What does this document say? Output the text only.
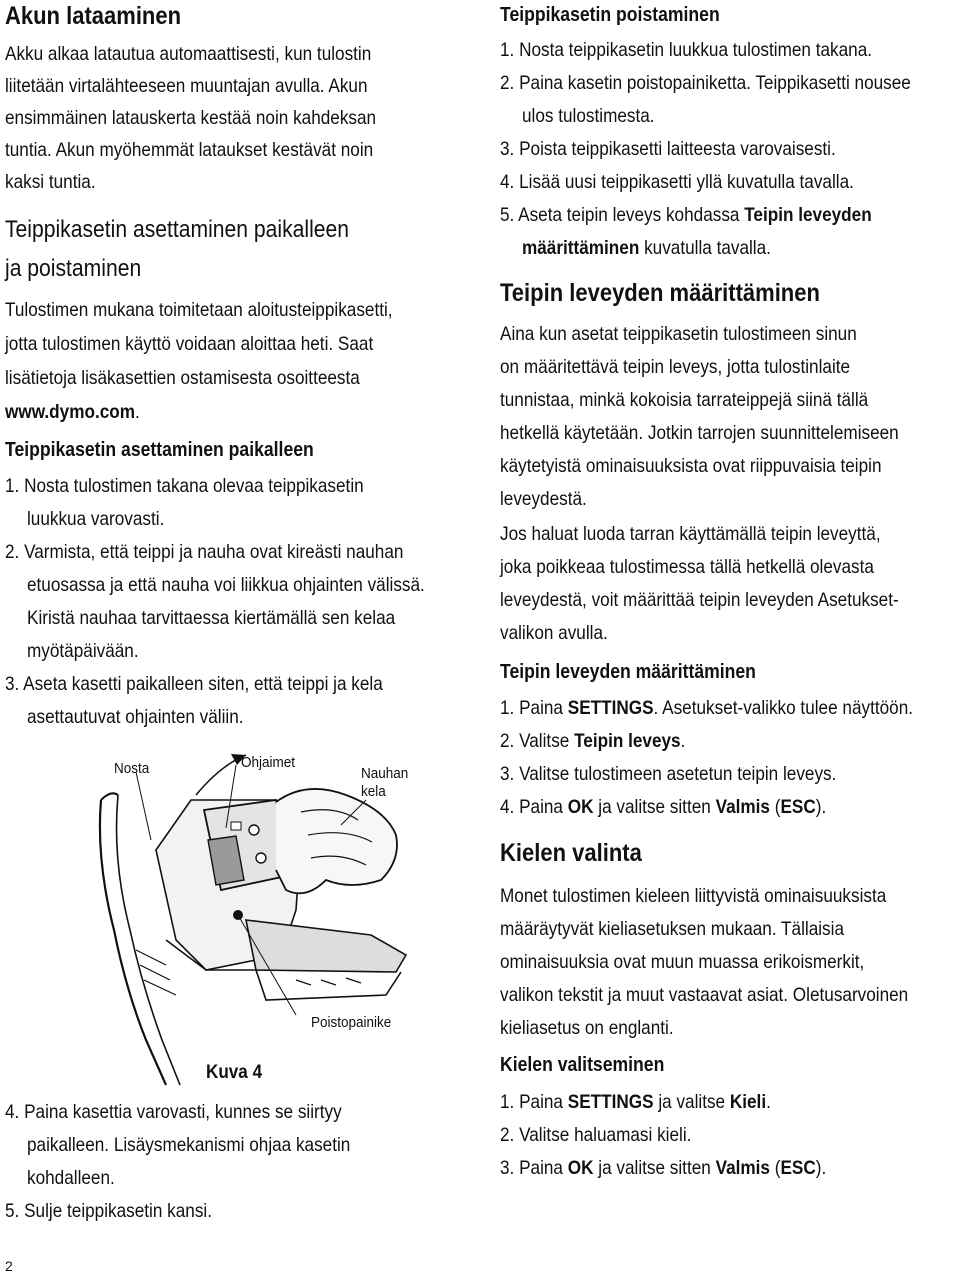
Akun lataaminen
Akku alkaa latautua automaattisesti, kun tulostin
liitetään virtalähteeseen muuntajan avulla. Akun
ensimmäinen latauskerta kestää noin kahdeksan
tuntia. Akun myöhemmät lataukset kestävät noin
kaksi tuntia.
Teippikasetin asettaminen paikalleen
ja poistaminen
Tulostimen mukana toimitetaan aloitusteippikasetti,
jotta tulostimen käyttö voidaan aloittaa heti. Saat
lisätietoja lisäkasettien ostamisesta osoitteesta
www.dymo.com.
Teippikasetin asettaminen paikalleen
1. Nosta tulostimen takana olevaa teippikasetin
luukkua varovasti.
2. Varmista, että teippi ja nauha ovat kireästi nauhan
etuosassa ja että nauha voi liikkua ohjainten välissä.
Kiristä nauhaa tarvittaessa kiertämällä sen kelaa
myötäpäivään.
3. Aseta kasetti paikalleen siten, että teippi ja kela
asettautuvat ohjainten väliin.
4. Paina kasettia varovasti, kunnes se siirtyy
paikalleen. Lisäysmekanismi ohjaa kasetin
kohdalleen.
5. Sulje teippikasetin kansi.
Nosta	Ohjaimet
Nauhan
kela
Poistopainike
Kuva 4
Teippikasetin poistaminen
1. Nosta teippikasetin luukkua tulostimen takana.
2. Paina kasetin poistopainiketta. Teippikasetti nousee
ulos tulostimesta.
3. Poista teippikasetti laitteesta varovaisesti.
4. Lisää uusi teippikasetti yllä kuvatulla tavalla.
5. Aseta teipin leveys kohdassa Teipin leveyden
määrittäminen kuvatulla tavalla.
Teipin leveyden määrittäminen
Aina kun asetat teippikasetin tulostimeen sinun
on määritettävä teipin leveys, jotta tulostinlaite
tunnistaa, minkä kokoisia tarrateippejä siinä tällä
hetkellä käytetään. Jotkin tarrojen suunnittelemiseen
käytetyistä ominaisuuksista ovat riippuvaisia teipin
leveydestä.
Jos haluat luoda tarran käyttämällä teipin leveyttä,
joka poikkeaa tulostimessa tällä hetkellä olevasta
leveydestä, voit määrittää teipin leveyden Asetukset-
valikon avulla.
Teipin leveyden määrittäminen
1. Paina SETTINGS. Asetukset-valikko tulee näyttöön.
2. Valitse Teipin leveys.
3. Valitse tulostimeen asetetun teipin leveys.
4. Paina OK ja valitse sitten Valmis (ESC).
Kielen valinta
Monet tulostimen kieleen liittyvistä ominaisuuksista
määräytyvät kieliasetuksen mukaan. Tällaisia
ominaisuuksia ovat muun muassa erikoismerkit,
valikon tekstit ja muut vastaavat asiat. Oletusarvoinen
kieliasetus on englanti.
Kielen valitseminen
1. Paina SETTINGS ja valitse Kieli.
2. Valitse haluamasi kieli.
3. Paina OK ja valitse sitten Valmis (ESC).
2
